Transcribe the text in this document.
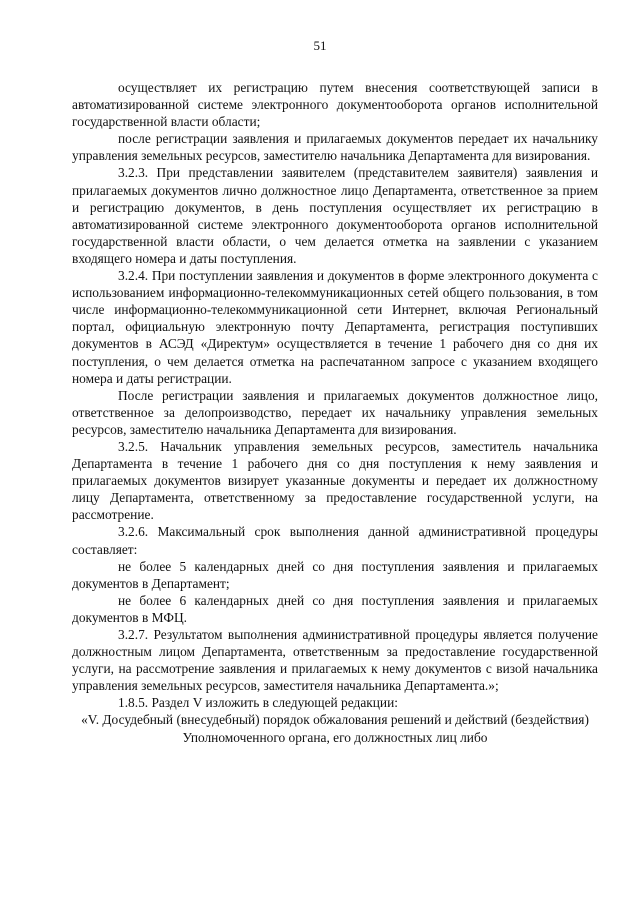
51

осуществляет их регистрацию путем внесения соответствующей записи в автоматизированной системе электронного документооборота органов исполнительной государственной власти области;

после регистрации заявления и прилагаемых документов передает их начальнику управления земельных ресурсов, заместителю начальника Департамента для визирования.

3.2.3. При представлении заявителем (представителем заявителя) заявления и прилагаемых документов лично должностное лицо Департамента, ответственное за прием и регистрацию документов, в день поступления осуществляет их регистрацию в автоматизированной системе электронного документооборота органов исполнительной государственной власти области, о чем делается отметка на заявлении с указанием входящего номера и даты поступления.

3.2.4. При поступлении заявления и документов в форме электронного документа с использованием информационно-телекоммуникационных сетей общего пользования, в том числе информационно-телекоммуникационной сети Интернет, включая Региональный портал, официальную электронную почту Департамента, регистрация поступивших документов в АСЭД «Директум» осуществляется в течение 1 рабочего дня со дня их поступления, о чем делается отметка на распечатанном запросе с указанием входящего номера и даты регистрации.

После регистрации заявления и прилагаемых документов должностное лицо, ответственное за делопроизводство, передает их начальнику управления земельных ресурсов, заместителю начальника Департамента для визирования.

3.2.5. Начальник управления земельных ресурсов, заместитель начальника Департамента в течение 1 рабочего дня со дня поступления к нему заявления и прилагаемых документов визирует указанные документы и передает их должностному лицу Департамента, ответственному за предоставление государственной услуги, на рассмотрение.

3.2.6. Максимальный срок выполнения данной административной процедуры составляет:

не более 5 календарных дней со дня поступления заявления и прилагаемых документов в Департамент;

не более 6 календарных дней со дня поступления заявления и прилагаемых документов в МФЦ.

3.2.7. Результатом выполнения административной процедуры является получение должностным лицом Департамента, ответственным за предоставление государственной услуги, на рассмотрение заявления и прилагаемых к нему документов с визой начальника управления земельных ресурсов, заместителя начальника Департамента.»;

1.8.5. Раздел V изложить в следующей редакции:

«V. Досудебный (внесудебный) порядок обжалования решений и действий (бездействия) Уполномоченного органа, его должностных лиц либо
